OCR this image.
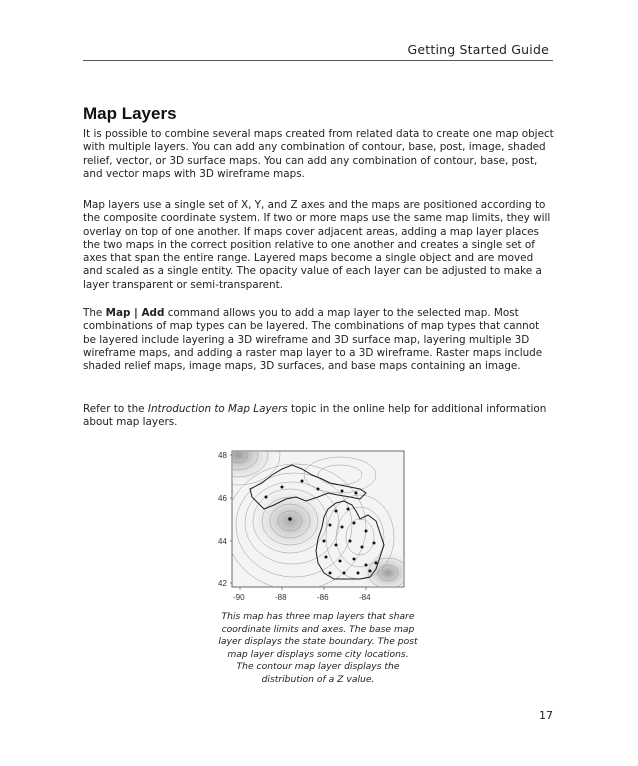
Getting Started Guide
Map Layers

It is possible to combine several maps created from related data to create one map object with multiple layers. You can add any combination of contour, base, post, image, shaded relief, vector, or 3D surface maps. You can add any combination of contour, base, post, and vector maps with 3D wireframe maps.

Map layers use a single set of X, Y, and Z axes and the maps are positioned according to the composite coordinate system. If two or more maps use the same map limits, they will overlay on top of one another. If maps cover adjacent areas, adding a map layer places the two maps in the correct position relative to one another and creates a single set of axes that span the entire range. Layered maps become a single object and are moved and scaled as a single entity. The opacity value of each layer can be adjusted to make a layer transparent or semi-transparent.

The Map | Add command allows you to add a map layer to the selected map. Most combinations of map types can be layered. The combinations of map types that cannot be layered include layering a 3D wireframe and 3D surface map, layering multiple 3D wireframe maps, and adding a raster map layer to a 3D wireframe. Raster maps include shaded relief maps, image maps, 3D surfaces, and base maps containing an image.

Refer to the Introduction to Map Layers topic in the online help for additional information about map layers.

48
46
44
42
-90	-88	-86	-84
This map has three map layers that share coordinate limits and axes. The base map layer displays the state boundary. The post map layer displays some city locations. The contour map layer displays the distribution of a Z value.
17
